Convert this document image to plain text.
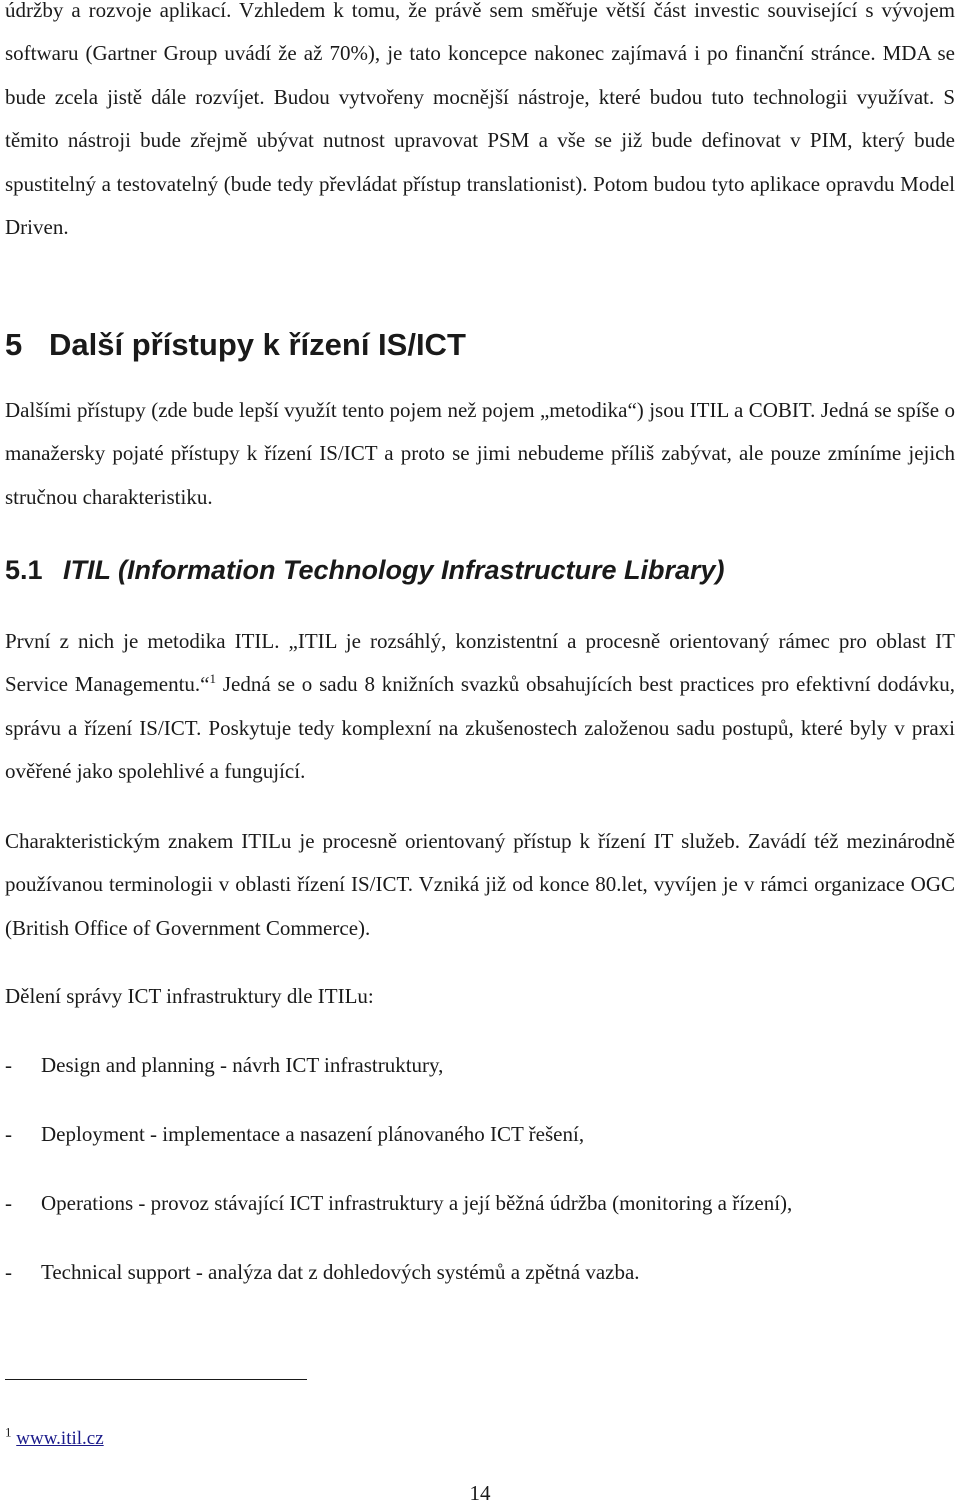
údržby a rozvoje aplikací. Vzhledem k tomu, že právě sem směřuje větší část investic související s vývojem softwaru (Gartner Group uvádí že až 70%), je tato koncepce nakonec zajímavá i po finanční stránce. MDA se bude zcela jistě dále rozvíjet. Budou vytvořeny mocnější nástroje, které budou tuto technologii využívat. S těmito nástroji bude zřejmě ubývat nutnost upravovat PSM a vše se již bude definovat v PIM, který bude spustitelný a testovatelný (bude tedy převládat přístup translationist). Potom budou tyto aplikace opravdu Model Driven.

5 Další přístupy k řízení IS/ICT

Dalšími přístupy (zde bude lepší využít tento pojem než pojem „metodika“) jsou ITIL a COBIT. Jedná se spíše o manažersky pojaté přístupy k řízení IS/ICT a proto se jimi nebudeme příliš zabývat, ale pouze zmíníme jejich stručnou charakteristiku.

5.1 ITIL (Information Technology Infrastructure Library)

První z nich je metodika ITIL. „ITIL je rozsáhlý, konzistentní a procesně orientovaný rámec pro oblast IT Service Managementu.“$^1$ Jedná se o sadu 8 knižních svazků obsahujících best practices pro efektivní dodávku, správu a řízení IS/ICT. Poskytuje tedy komplexní na zkušenostech založenou sadu postupů, které byly v praxi ověřené jako spolehlivé a fungující.

Charakteristickým znakem ITILu je procesně orientovaný přístup k řízení IT služeb. Zavádí též mezinárodně používanou terminologii v oblasti řízení IS/ICT. Vzniká již od konce 80.let, vyvíjen je v rámci organizace OGC (British Office of Government Commerce).

Dělení správy ICT infrastruktury dle ITILu:

-	Design and planning - návrh ICT infrastruktury,
-	Deployment - implementace a nasazení plánovaného ICT řešení,
-	Operations - provoz stávající ICT infrastruktury a její běžná údržba (monitoring a řízení),
-	Technical support - analýza dat z dohledových systémů a zpětná vazba.
$^1$ www.itil.cz
14
